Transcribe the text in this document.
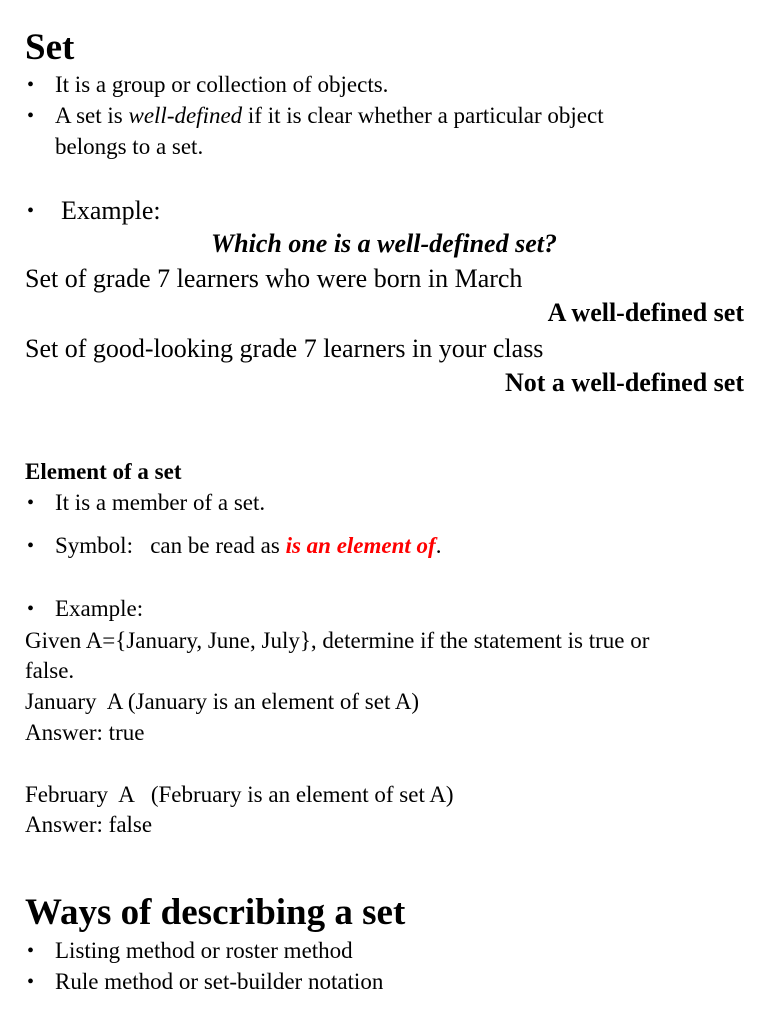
Set
• It is a group or collection of objects.
• A set is well-defined if it is clear whether a particular object
belongs to a set.
•	Example:
Which one is a well-defined set?
Set of grade 7 learners who were born in March
A well-defined set
Set of good-looking grade 7 learners in your class
Not a well-defined set
Element of a set
• It is a member of a set.
• Symbol:   can be read as is an element of.
• Example:
Given A={January, June, July}, determine if the statement is true or
false.
January  A (January is an element of set A)
Answer: true
February  A   (February is an element of set A)
Answer: false
Ways of describing a set
• Listing method or roster method
• Rule method or set-builder notation
